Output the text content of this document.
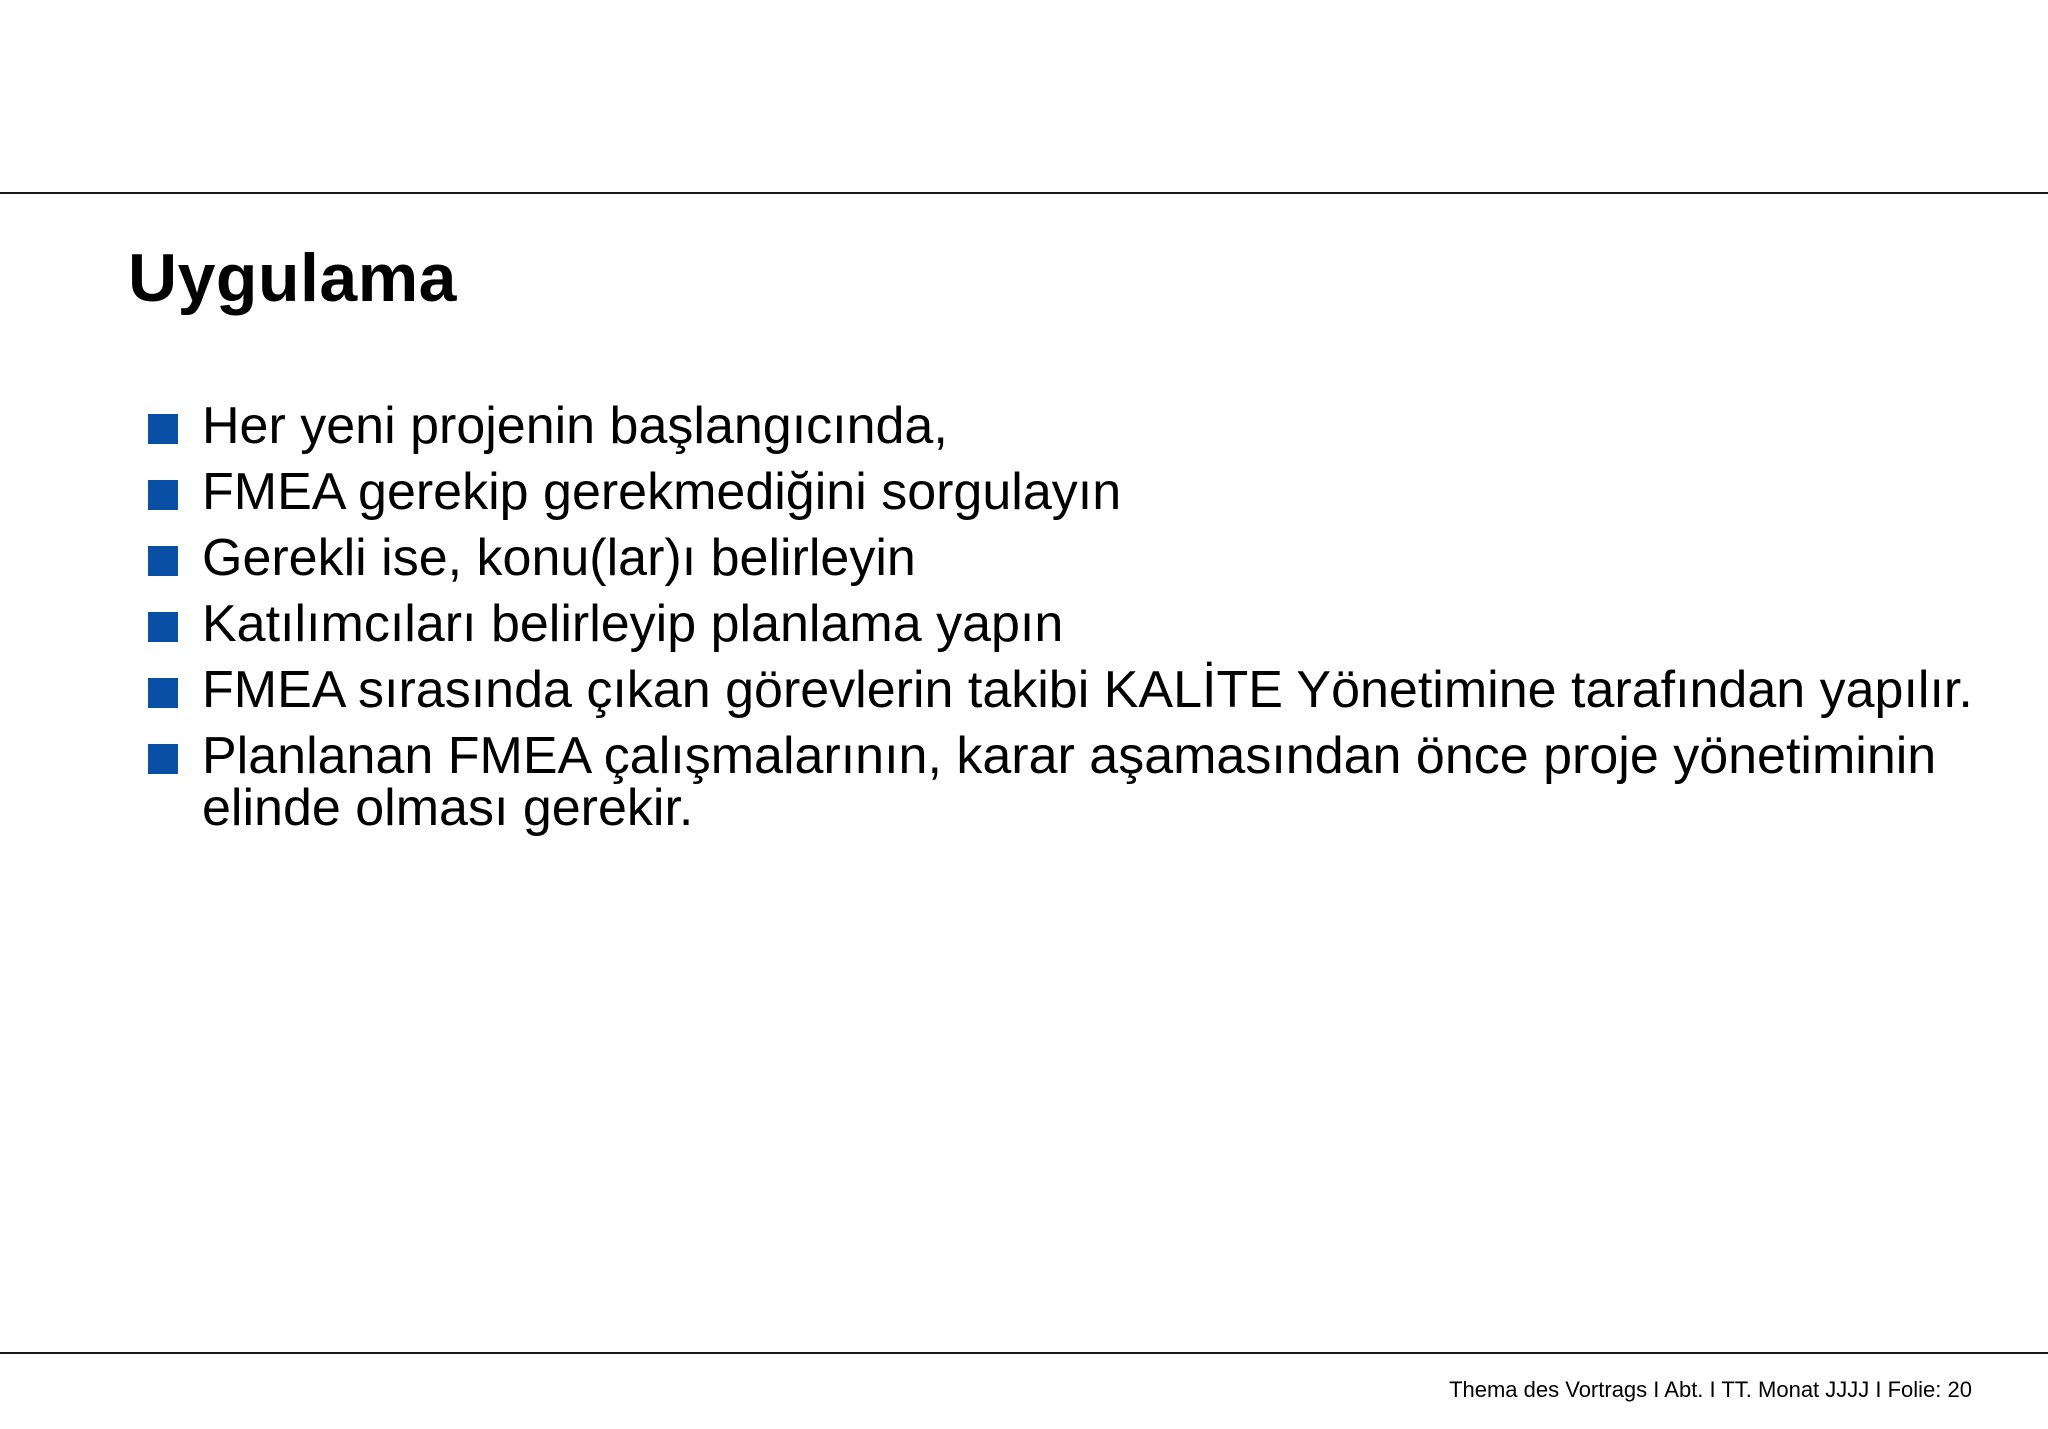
Uygulama
Her yeni projenin başlangıcında,
FMEA gerekip gerekmediğini sorgulayın
Gerekli ise, konu(lar)ı belirleyin
Katılımcıları belirleyip planlama yapın
FMEA sırasında çıkan görevlerin takibi KALİTE Yönetimine tarafından yapılır.
Planlanan FMEA çalışmalarının, karar aşamasından önce proje yönetiminin elinde olması gerekir.
Thema des Vortrags I Abt. I TT. Monat JJJJ I Folie: 20
